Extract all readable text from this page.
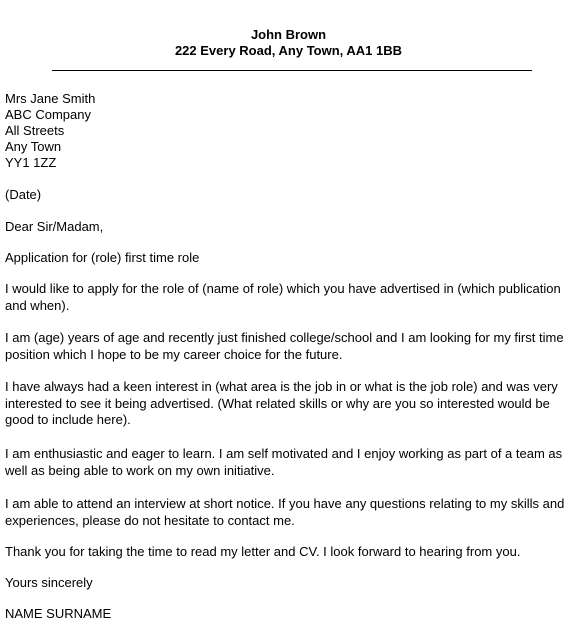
John Brown
222 Every Road, Any Town, AA1 1BB
Mrs Jane Smith
ABC Company
All Streets
Any Town
YY1 1ZZ
(Date)
Dear Sir/Madam,
Application for (role) first time role
I would like to apply for the role of (name of role) which you have advertised in (which publication and when).
I am (age) years of age and recently just finished college/school and I am looking for my first time position which I hope to be my career choice for the future.
I have always had a keen interest in (what area is the job in or what is the job role) and was very interested to see it being advertised. (What related skills or why are you so interested would be good to include here).
I am enthusiastic and eager to learn. I am self motivated and I enjoy working as part of a team as well as being able to work on my own initiative.
I am able to attend an interview at short notice. If you have any questions relating to my skills and experiences, please do not hesitate to contact me.
Thank you for taking the time to read my letter and CV. I look forward to hearing from you.
Yours sincerely
NAME SURNAME
